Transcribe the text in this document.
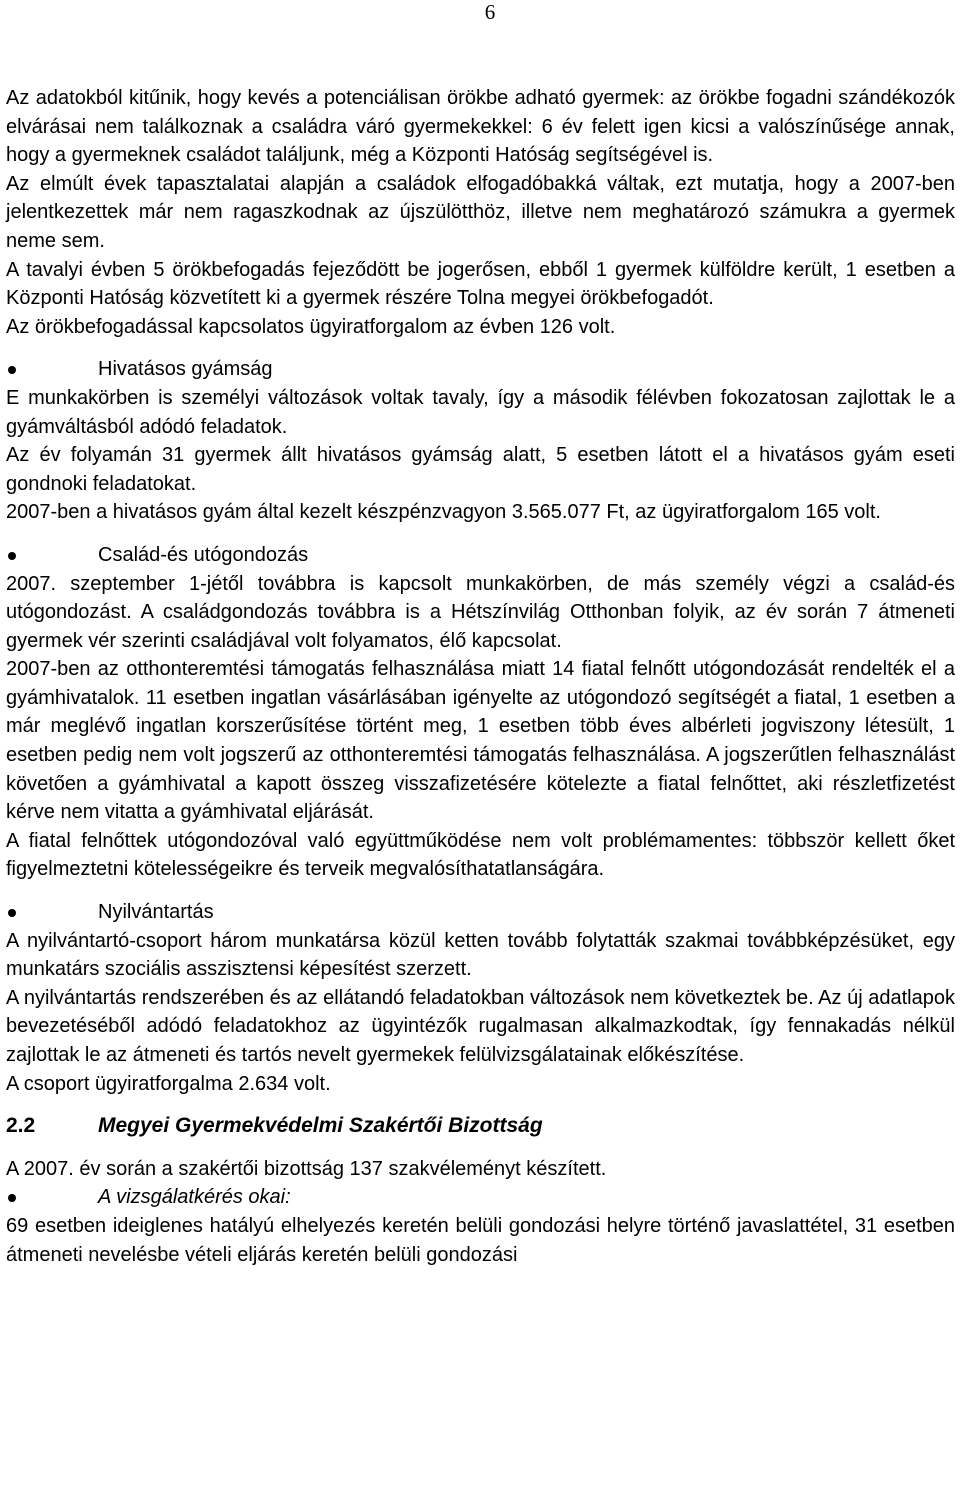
6

Az adatokból kitűnik, hogy kevés a potenciálisan örökbe adható gyermek: az örökbe fogadni szándékozók elvárásai nem találkoznak a családra váró gyermekekkel: 6 év felett igen kicsi a valószínűsége annak, hogy a gyermeknek családot találjunk, még a Központi Hatóság segítségével is.

Az elmúlt évek tapasztalatai alapján a családok elfogadóbakká váltak, ezt mutatja, hogy a 2007-ben jelentkezettek már nem ragaszkodnak az újszülötthöz, illetve nem meghatározó számukra a gyermek neme sem.

A tavalyi évben 5 örökbefogadás fejeződött be jogerősen, ebből 1 gyermek külföldre került, 1 esetben a Központi Hatóság közvetített ki a gyermek részére Tolna megyei örökbefogadót.

Az örökbefogadással kapcsolatos ügyiratforgalom az évben 126 volt.

Hivatásos gyámság

E munkakörben is személyi változások voltak tavaly, így a második félévben fokozatosan zajlottak le a gyámváltásból adódó feladatok.

Az év folyamán 31 gyermek állt hivatásos gyámság alatt, 5 esetben látott el a hivatásos gyám eseti gondnoki feladatokat.

2007-ben a hivatásos gyám által kezelt készpénzvagyon 3.565.077 Ft, az ügyiratforgalom 165 volt.

Család-és utógondozás

2007. szeptember 1-jétől továbbra is kapcsolt munkakörben, de más személy végzi a család-és utógondozást. A családgondozás továbbra is a Hétszínvilág Otthonban folyik, az év során 7 átmeneti gyermek vér szerinti családjával volt folyamatos, élő kapcsolat.

2007-ben az otthonteremtési támogatás felhasználása miatt 14 fiatal felnőtt utógondozását rendelték el a gyámhivatalok. 11 esetben ingatlan vásárlásában igényelte az utógondozó segítségét a fiatal, 1 esetben a már meglévő ingatlan korszerűsítése történt meg, 1 esetben több éves albérleti jogviszony létesült, 1 esetben pedig nem volt jogszerű az otthonteremtési támogatás felhasználása. A jogszerűtlen felhasználást követően a gyámhivatal a kapott összeg visszafizetésére kötelezte a fiatal felnőttet, aki részletfizetést kérve nem vitatta a gyámhivatal eljárását.

A fiatal felnőttek utógondozóval való együttműködése nem volt problémamentes: többször kellett őket figyelmeztetni kötelességeikre és terveik megvalósíthatatlanságára.

Nyilvántartás

A nyilvántartó-csoport három munkatársa közül ketten tovább folytatták szakmai továbbképzésüket, egy munkatárs szociális asszisztensi képesítést szerzett.

A nyilvántartás rendszerében és az ellátandó feladatokban változások nem következtek be. Az új adatlapok bevezetéséből adódó feladatokhoz az ügyintézők rugalmasan alkalmazkodtak, így fennakadás nélkül zajlottak le az átmeneti és tartós nevelt gyermekek felülvizsgálatainak előkészítése.

A csoport ügyiratforgalma 2.634 volt.

2.2	Megyei Gyermekvédelmi Szakértői Bizottság

A 2007. év során a szakértői bizottság 137 szakvéleményt készített.

A vizsgálatkérés okai:

69 esetben ideiglenes hatályú elhelyezés keretén belüli gondozási helyre történő javaslattétel, 31 esetben átmeneti nevelésbe vételi eljárás keretén belüli gondozási
